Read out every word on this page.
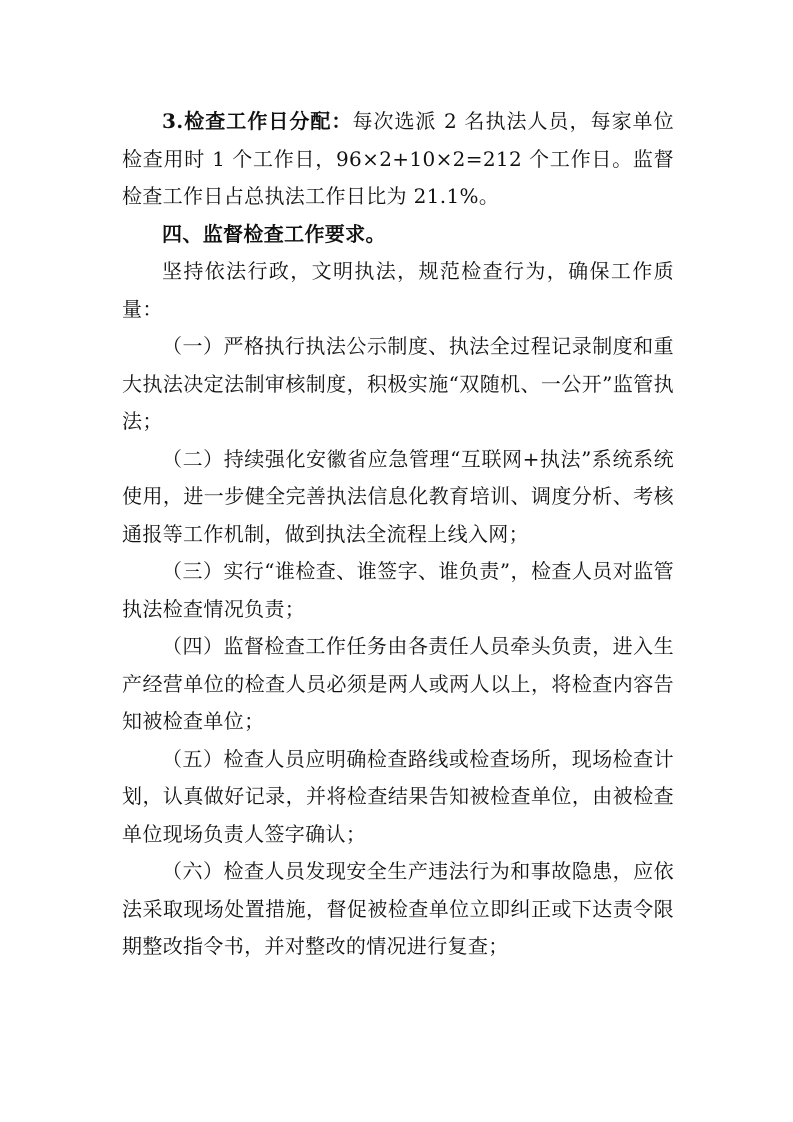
3.检查工作日分配：每次选派 2 名执法人员，每家单位检查用时 1 个工作日，96×2+10×2=212 个工作日。监督检查工作日占总执法工作日比为 21.1%。

四、监督检查工作要求。

坚持依法行政，文明执法，规范检查行为，确保工作质量：

（一）严格执行执法公示制度、执法全过程记录制度和重大执法决定法制审核制度，积极实施“双随机、一公开”监管执法；

（二）持续强化安徽省应急管理“互联网+执法”系统系统使用，进一步健全完善执法信息化教育培训、调度分析、考核通报等工作机制，做到执法全流程上线入网；

（三）实行“谁检查、谁签字、谁负责”，检查人员对监管执法检查情况负责；

（四）监督检查工作任务由各责任人员牵头负责，进入生产经营单位的检查人员必须是两人或两人以上，将检查内容告知被检查单位；

（五）检查人员应明确检查路线或检查场所，现场检查计划，认真做好记录，并将检查结果告知被检查单位，由被检查单位现场负责人签字确认；

（六）检查人员发现安全生产违法行为和事故隐患，应依法采取现场处置措施，督促被检查单位立即纠正或下达责令限期整改指令书，并对整改的情况进行复查；
